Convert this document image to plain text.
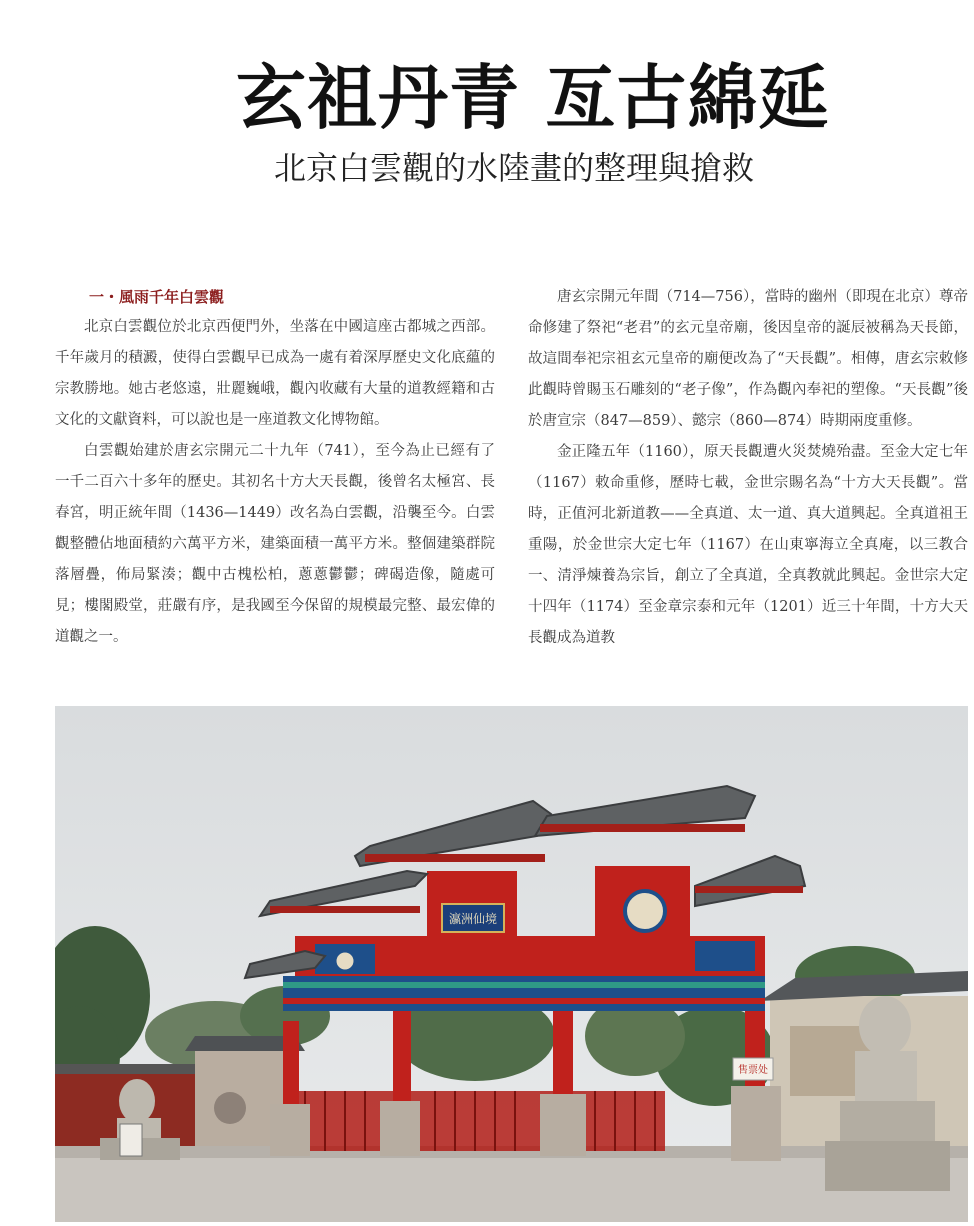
玄祖丹青 亙古綿延
北京白雲觀的水陸畫的整理與搶救
一・風雨千年白雲觀

北京白雲觀位於北京西便門外，坐落在中國這座古都城之西部。千年歲月的積澱，使得白雲觀早已成為一處有着深厚歷史文化底蘊的宗教勝地。她古老悠遠，壯麗巍峨，觀內收藏有大量的道教經籍和古文化的文獻資料，可以說也是一座道教文化博物館。

白雲觀始建於唐玄宗開元二十九年（741），至今為止已經有了一千二百六十多年的歷史。其初名十方大天長觀，後曾名太極宮、長春宮，明正統年間（1436—1449）改名為白雲觀，沿襲至今。白雲觀整體佔地面積約六萬平方米，建築面積一萬平方米。整個建築群院落層疊，佈局緊湊；觀中古槐松柏，蔥蔥鬱鬱；碑碣造像，隨處可見；樓閣殿堂，莊嚴有序，是我國至今保留的規模最完整、最宏偉的道觀之一。

唐玄宗開元年間（714—756），當時的幽州（即現在北京）尊帝命修建了祭祀“老君”的玄元皇帝廟，後因皇帝的誕辰被稱為天長節，故這間奉祀宗祖玄元皇帝的廟便改為了“天長觀”。相傳，唐玄宗敕修此觀時曾賜玉石雕刻的“老子像”，作為觀內奉祀的塑像。“天長觀”後於唐宣宗（847—859）、懿宗（860—874）時期兩度重修。

金正隆五年（1160），原天長觀遭火災焚燒殆盡。至金大定七年（1167）敕命重修，歷時七載，金世宗賜名為“十方大天長觀”。當時，正值河北新道教——全真道、太一道、真大道興起。全真道祖王重陽，於金世宗大定七年（1167）在山東寧海立全真庵，以三教合一、清淨煉養為宗旨，創立了全真道，全真教就此興起。金世宗大定十四年（1174）至金章宗泰和元年（1201）近三十年間，十方大天長觀成為道教

瀛洲仙境
售票处
